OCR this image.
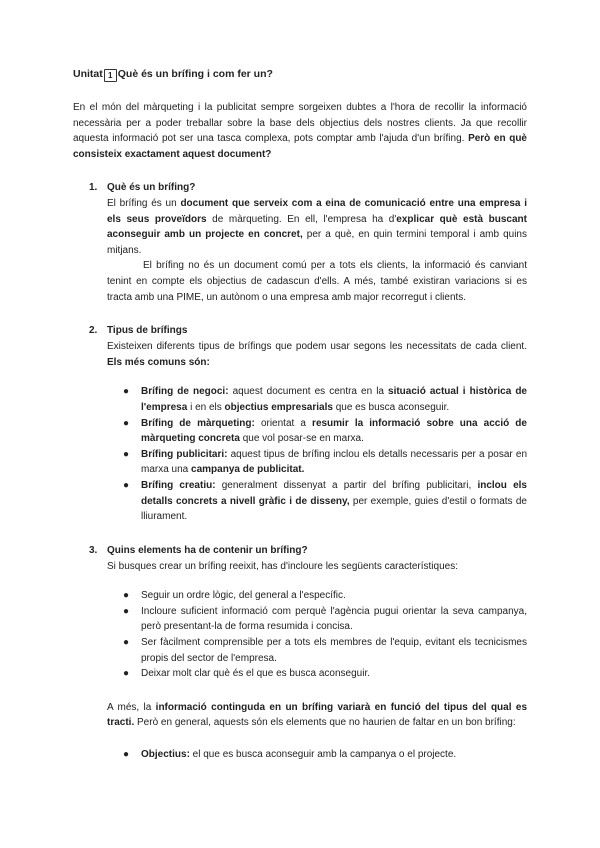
Unitat 1 Què és un brífing i com fer un?

En el món del màrqueting i la publicitat sempre sorgeixen dubtes a l'hora de recollir la informació necessària per a poder treballar sobre la base dels objectius dels nostres clients. Ja que recollir aquesta informació pot ser una tasca complexa, pots comptar amb l'ajuda d'un brífing. Però en què consisteix exactament aquest document?

1. Què és un brífing?

El brífing és un document que serveix com a eina de comunicació entre una empresa i els seus proveïdors de màrqueting. En ell, l'empresa ha d'explicar què està buscant aconseguir amb un projecte en concret, per a què, en quin termini temporal i amb quins mitjans.

El brífing no és un document comú per a tots els clients, la informació és canviant tenint en compte els objectius de cadascun d'ells. A més, també existiran variacions si es tracta amb una PIME, un autònom o una empresa amb major recorregut i clients.

2. Tipus de brífings

Existeixen diferents tipus de brífings que podem usar segons les necessitats de cada client. Els més comuns són:

● Brífing de negoci: aquest document es centra en la situació actual i històrica de l'empresa i en els objectius empresarials que es busca aconseguir.
● Brífing de màrqueting: orientat a resumir la informació sobre una acció de màrqueting concreta que vol posar-se en marxa.
● Brífing publicitari: aquest tipus de brífing inclou els detalls necessaris per a posar en marxa una campanya de publicitat.
● Brífing creatiu: generalment dissenyat a partir del brífing publicitari, inclou els detalls concrets a nivell gràfic i de disseny, per exemple, guies d'estil o formats de lliurament.
3. Quins elements ha de contenir un brífing?

Si busques crear un brífing reeixit, has d'incloure les següents característiques:

● Seguir un ordre lògic, del general a l'específic.
● Incloure suficient informació com perquè l'agència pugui orientar la seva campanya, però presentant-la de forma resumida i concisa.
● Ser fàcilment comprensible per a tots els membres de l'equip, evitant els tecnicismes propis del sector de l'empresa.
● Deixar molt clar què és el que es busca aconseguir.

A més, la informació continguda en un brífing variarà en funció del tipus del qual es tracti. Però en general, aquests són els elements que no haurien de faltar en un bon brífing:

● Objectius: el que es busca aconseguir amb la campanya o el projecte.
